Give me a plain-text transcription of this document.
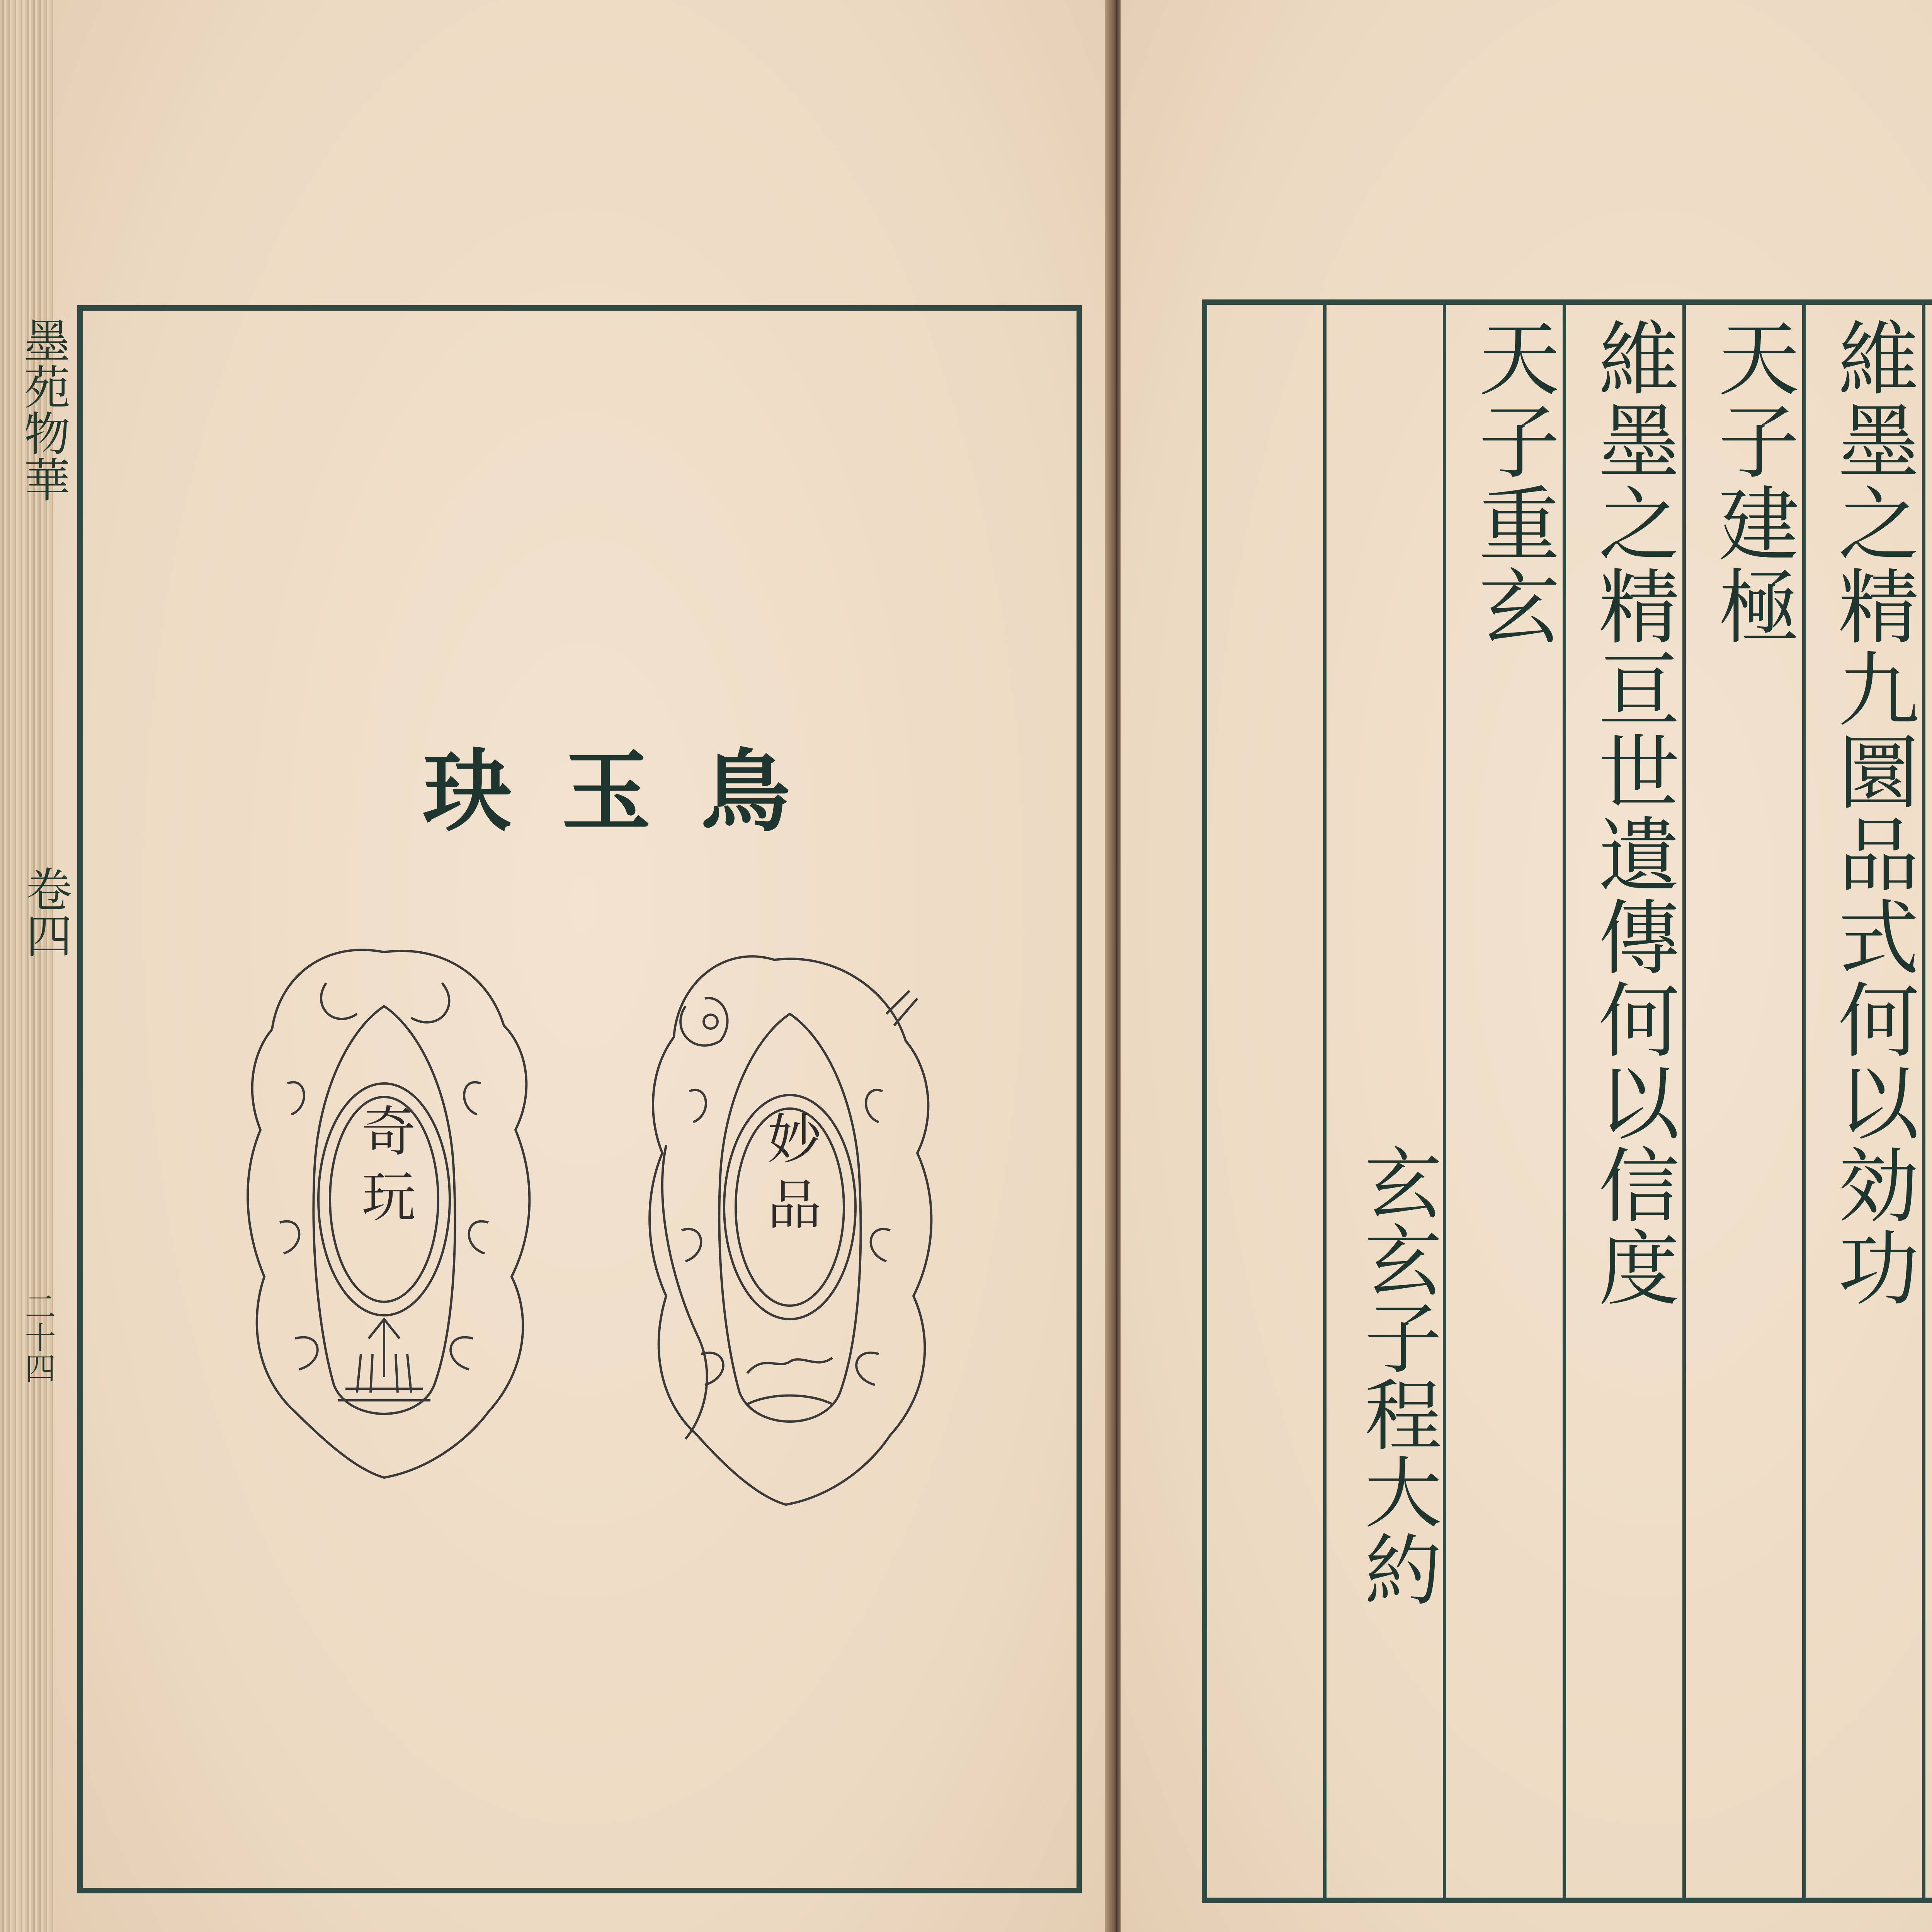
墨苑物華
卷四
二十四
鳥玉玦
奇玩	妙品	維墨之精九圜品式何以効功
天子建極
維墨之精亘世遺傳何以信度
天子重玄
玄玄子程大約
